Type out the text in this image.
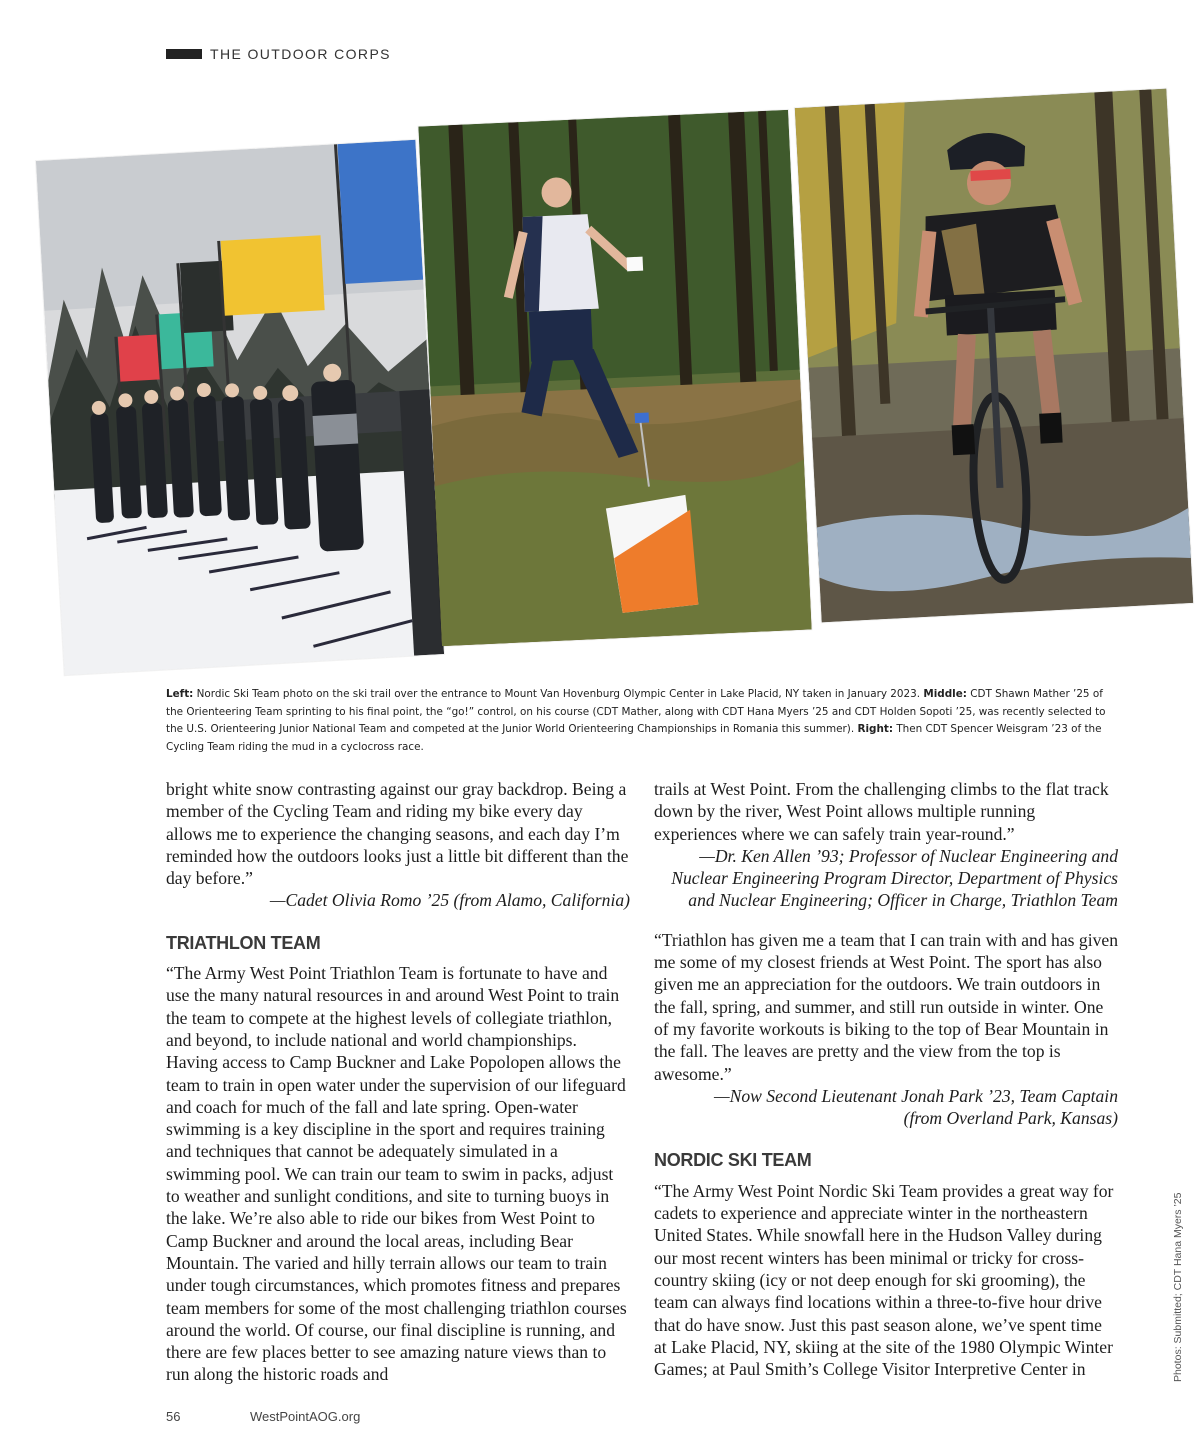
THE OUTDOOR CORPS
Left: Nordic Ski Team photo on the ski trail over the entrance to Mount Van Hovenburg Olympic Center in Lake Placid, NY taken in January 2023. Middle: CDT Shawn Mather ’25 of the Orienteering Team sprinting to his final point, the “go!” control, on his course (CDT Mather, along with CDT Hana Myers ’25 and CDT Holden Sopoti ’25, was recently selected to the U.S. Orienteering Junior National Team and competed at the Junior World Orienteering Championships in Romania this summer). Right: Then CDT Spencer Weisgram ’23 of the Cycling Team riding the mud in a cyclocross race.

bright white snow contrasting against our gray backdrop. Being a member of the Cycling Team and riding my bike every day allows me to experience the changing seasons, and each day I’m reminded how the outdoors looks just a little bit different than the day before.”

—Cadet Olivia Romo ’25 (from Alamo, California)

TRIATHLON TEAM

“The Army West Point Triathlon Team is fortunate to have and use the many natural resources in and around West Point to train the team to compete at the highest levels of collegiate triathlon, and beyond, to include national and world championships. Having access to Camp Buckner and Lake Popolopen allows the team to train in open water under the supervision of our lifeguard and coach for much of the fall and late spring. Open-water swimming is a key discipline in the sport and requires training and techniques that cannot be adequately simulated in a swimming pool. We can train our team to swim in packs, adjust to weather and sunlight conditions, and site to turning buoys in the lake. We’re also able to ride our bikes from West Point to Camp Buckner and around the local areas, including Bear Mountain. The varied and hilly terrain allows our team to train under tough circumstances, which promotes fitness and prepares team members for some of the most challenging triathlon courses around the world. Of course, our final discipline is running, and there are few places better to see amazing nature views than to run along the historic roads and

trails at West Point. From the challenging climbs to the flat track down by the river, West Point allows multiple running experiences where we can safely train year-round.”

—Dr. Ken Allen ’93; Professor of Nuclear Engineering and Nuclear Engineering Program Director, Department of Physics and Nuclear Engineering; Officer in Charge, Triathlon Team

“Triathlon has given me a team that I can train with and has given me some of my closest friends at West Point. The sport has also given me an appreciation for the outdoors. We train outdoors in the fall, spring, and summer, and still run outside in winter. One of my favorite workouts is biking to the top of Bear Mountain in the fall. The leaves are pretty and the view from the top is awesome.”

—Now Second Lieutenant Jonah Park ’23, Team Captain

(from Overland Park, Kansas)

NORDIC SKI TEAM

“The Army West Point Nordic Ski Team provides a great way for cadets to experience and appreciate winter in the northeastern United States. While snowfall here in the Hudson Valley during our most recent winters has been minimal or tricky for cross-country skiing (icy or not deep enough for ski grooming), the team can always find locations within a three-to-five hour drive that do have snow. Just this past season alone, we’ve spent time at Lake Placid, NY, skiing at the site of the 1980 Olympic Winter Games; at Paul Smith’s College Visitor Interpretive Center in

56	WestPointAOG.org
Photos: Submitted; CDT Hana Myers ’25
